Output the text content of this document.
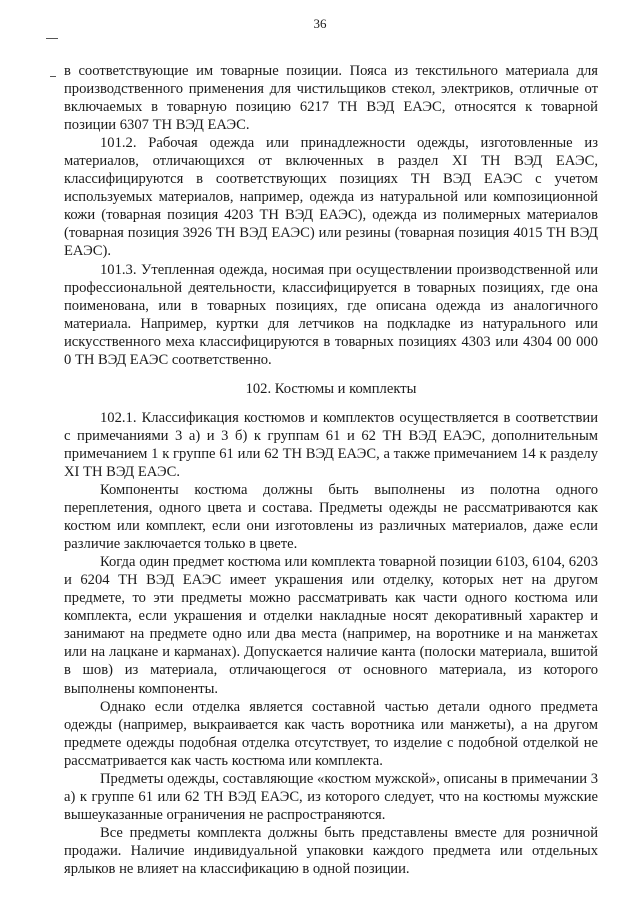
36

в соответствующие им товарные позиции. Пояса из текстильного материала для производственного применения для чистильщиков стекол, электриков, отличные от включаемых в товарную позицию 6217 ТН ВЭД ЕАЭС, относятся к товарной позиции 6307 ТН ВЭД ЕАЭС.

101.2. Рабочая одежда или принадлежности одежды, изготовленные из материалов, отличающихся от включенных в раздел XI ТН ВЭД ЕАЭС, классифицируются в соответствующих позициях ТН ВЭД ЕАЭС с учетом используемых материалов, например, одежда из натуральной или композиционной кожи (товарная позиция 4203 ТН ВЭД ЕАЭС), одежда из полимерных материалов (товарная позиция 3926 ТН ВЭД ЕАЭС) или резины (товарная позиция 4015 ТН ВЭД ЕАЭС).

101.3. Утепленная одежда, носимая при осуществлении производственной или профессиональной деятельности, классифицируется в товарных позициях, где она поименована, или в товарных позициях, где описана одежда из аналогичного материала. Например, куртки для летчиков на подкладке из натурального или искусственного меха классифицируются в товарных позициях 4303 или 4304 00 000 0 ТН ВЭД ЕАЭС соответственно.

102. Костюмы и комплекты

102.1. Классификация костюмов и комплектов осуществляется в соответствии с примечаниями 3 а) и 3 б) к группам 61 и 62 ТН ВЭД ЕАЭС, дополнительным примечанием 1 к группе 61 или 62 ТН ВЭД ЕАЭС, а также примечанием 14 к разделу XI ТН ВЭД ЕАЭС.

Компоненты костюма должны быть выполнены из полотна одного переплетения, одного цвета и состава. Предметы одежды не рассматриваются как костюм или комплект, если они изготовлены из различных материалов, даже если различие заключается только в цвете.

Когда один предмет костюма или комплекта товарной позиции 6103, 6104, 6203 и 6204 ТН ВЭД ЕАЭС имеет украшения или отделку, которых нет на другом предмете, то эти предметы можно рассматривать как части одного костюма или комплекта, если украшения и отделки накладные носят декоративный характер и занимают на предмете одно или два места (например, на воротнике и на манжетах или на лацкане и карманах). Допускается наличие канта (полоски материала, вшитой в шов) из материала, отличающегося от основного материала, из которого выполнены компоненты.

Однако если отделка является составной частью детали одного предмета одежды (например, выкраивается как часть воротника или манжеты), а на другом предмете одежды подобная отделка отсутствует, то изделие с подобной отделкой не рассматривается как часть костюма или комплекта.

Предметы одежды, составляющие «костюм мужской», описаны в примечании 3 а) к группе 61 или 62 ТН ВЭД ЕАЭС, из которого следует, что на костюмы мужские вышеуказанные ограничения не распространяются.

Все предметы комплекта должны быть представлены вместе для розничной продажи. Наличие индивидуальной упаковки каждого предмета или отдельных ярлыков не влияет на классификацию в одной позиции.
